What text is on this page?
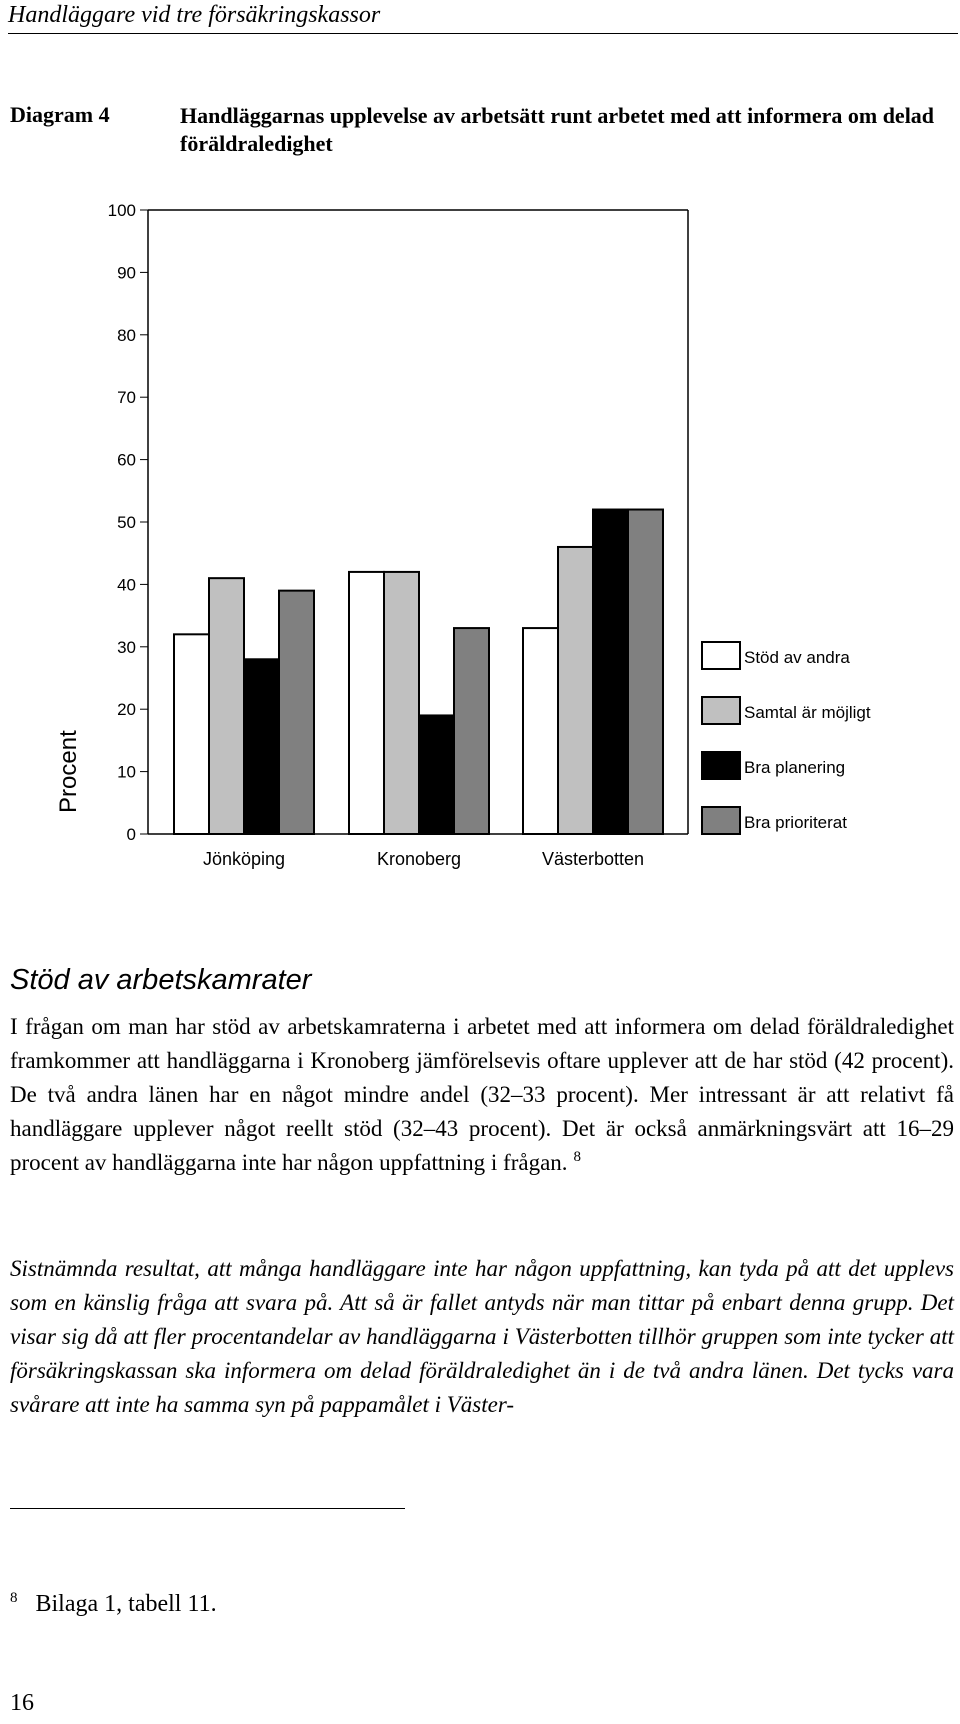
Handläggare vid tre försäkringskassor
Diagram 4	Handläggarnas upplevelse av arbetsätt runt arbetet med att informera om delad föräldraledighet
100
90
80
70
60
50
40
30
20
10
0
Procent
Jönköping	Kronoberg	Västerbotten
Stöd av andra
Samtal är möjligt
Bra planering
Bra prioriterat
Stöd av arbetskamrater

I frågan om man har stöd av arbetskamraterna i arbetet med att informera om delad föräldraledighet framkommer att handläggarna i Kronoberg jämförelsevis oftare upplever att de har stöd (42 procent). De två andra länen har en något mindre andel (32–33 procent). Mer intressant är att relativt få handläggare upplever något reellt stöd (32–43 procent). Det är också anmärkningsvärt att 16–29 procent av handläggarna inte har någon uppfattning i frågan. $^8$

Sistnämnda resultat, att många handläggare inte har någon uppfattning, kan tyda på att det upplevs som en känslig fråga att svara på. Att så är fallet antyds när man tittar på enbart denna grupp. Det visar sig då att fler procentandelar av handläggarna i Västerbotten tillhör gruppen som inte tycker att försäkringskassan ska informera om delad föräldraledighet än i de två andra länen. Det tycks vara svårare att inte ha samma syn på pappamålet i Väster-

$^8$ Bilaga 1, tabell 11.
16
